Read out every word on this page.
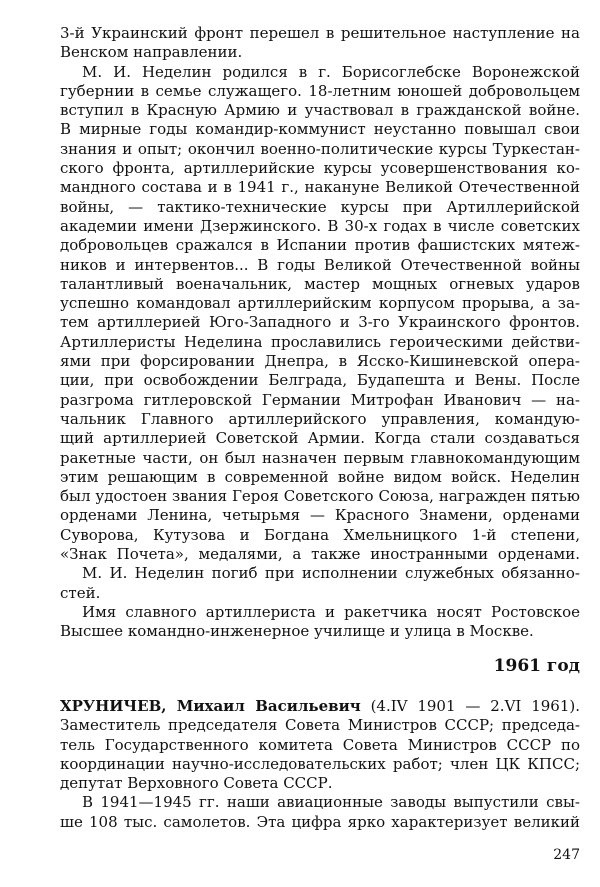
3-й Украинский фронт перешел в решительное наступление на
Венском направлении.
М. И. Неделин родился в г. Борисоглебске Воронежской
губернии в семье служащего. 18-летним юношей добровольцем
вступил в Красную Армию и участвовал в гражданской войне.
В мирные годы командир-коммунист неустанно повышал свои
знания и опыт; окончил военно-политические курсы Туркестан-
ского фронта, артиллерийские курсы усовершенствования ко-
мандного состава и в 1941 г., накануне Великой Отечественной
войны, — тактико-технические курсы при Артиллерийской
академии имени Дзержинского. В 30-х годах в числе советских
добровольцев сражался в Испании против фашистских мятеж-
ников и интервентов... В годы Великой Отечественной войны
талантливый военачальник, мастер мощных огневых ударов
успешно командовал артиллерийским корпусом прорыва, а за-
тем артиллерией Юго-Западного и 3-го Украинского фронтов.
Артиллеристы Неделина прославились героическими действи-
ями при форсировании Днепра, в Ясско-Кишиневской опера-
ции, при освобождении Белграда, Будапешта и Вены. После
разгрома гитлеровской Германии Митрофан Иванович — на-
чальник Главного артиллерийского управления, командую-
щий артиллерией Советской Армии. Когда стали создаваться
ракетные части, он был назначен первым главнокомандующим
этим решающим в современной войне видом войск. Неделин
был удостоен звания Героя Советского Союза, награжден пятью
орденами Ленина, четырьмя — Красного Знамени, орденами
Суворова, Кутузова и Богдана Хмельницкого 1-й степени,
«Знак Почета», медалями, а также иностранными орденами.
М. И. Неделин погиб при исполнении служебных обязанно-
стей.
Имя славного артиллериста и ракетчика носят Ростовское
Высшее командно-инженерное училище и улица в Москве.
1961 год
ХРУНИЧЕВ, Михаил Васильевич (4.IV 1901 — 2.VI 1961).
Заместитель председателя Совета Министров СССР; председа-
тель Государственного комитета Совета Министров СССР по
координации научно-исследовательских работ; член ЦК КПСС;
депутат Верховного Совета СССР.
В 1941—1945 гг. наши авиационные заводы выпустили свы-
ше 108 тыс. самолетов. Эта цифра ярко характеризует великий
247
